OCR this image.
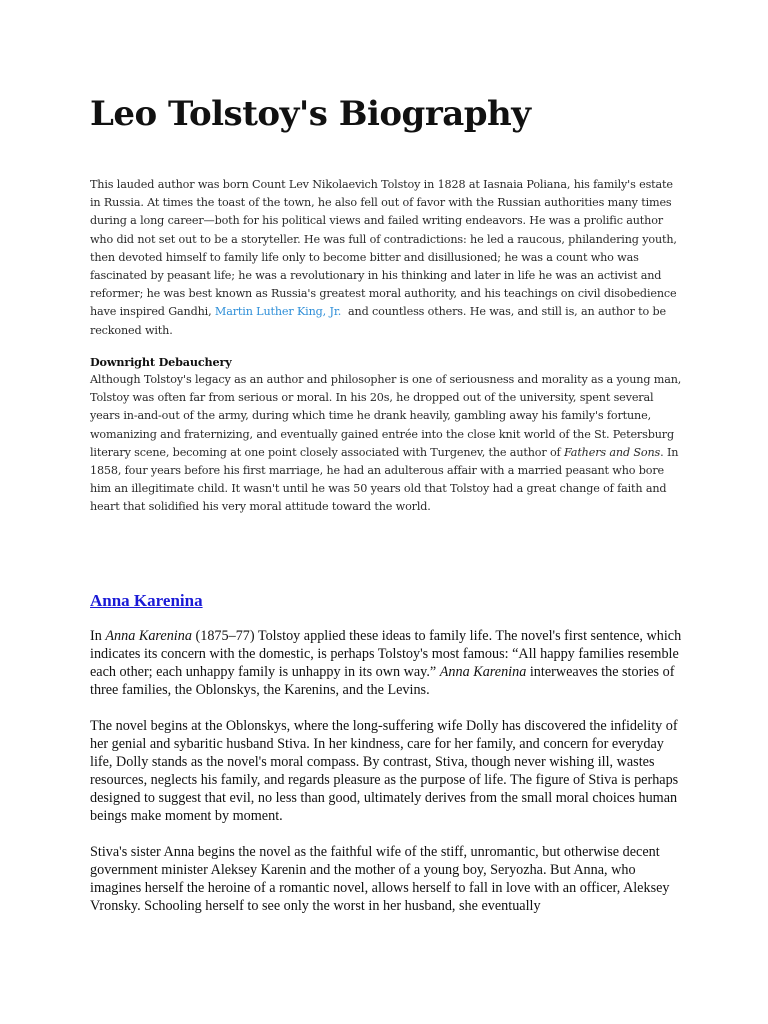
Leo Tolstoy's Biography

This lauded author was born Count Lev Nikolaevich Tolstoy in 1828 at Iasnaia Poliana, his family's estate in Russia. At times the toast of the town, he also fell out of favor with the Russian authorities many times during a long career—both for his political views and failed writing endeavors. He was a prolific author who did not set out to be a storyteller. He was full of contradictions: he led a raucous, philandering youth, then devoted himself to family life only to become bitter and disillusioned; he was a count who was fascinated by peasant life; he was a revolutionary in his thinking and later in life he was an activist and reformer; he was best known as Russia's greatest moral authority, and his teachings on civil disobedience have inspired Gandhi, Martin Luther King, Jr. and countless others. He was, and still is, an author to be reckoned with.

Downright Debauchery

Although Tolstoy's legacy as an author and philosopher is one of seriousness and morality as a young man, Tolstoy was often far from serious or moral. In his 20s, he dropped out of the university, spent several years in-and-out of the army, during which time he drank heavily, gambling away his family's fortune, womanizing and fraternizing, and eventually gained entrée into the close knit world of the St. Petersburg literary scene, becoming at one point closely associated with Turgenev, the author of Fathers and Sons. In 1858, four years before his first marriage, he had an adulterous affair with a married peasant who bore him an illegitimate child. It wasn't until he was 50 years old that Tolstoy had a great change of faith and heart that solidified his very moral attitude toward the world.

Anna Karenina

In Anna Karenina (1875–77) Tolstoy applied these ideas to family life. The novel's first sentence, which indicates its concern with the domestic, is perhaps Tolstoy's most famous: “All happy families resemble each other; each unhappy family is unhappy in its own way.” Anna Karenina interweaves the stories of three families, the Oblonskys, the Karenins, and the Levins.

The novel begins at the Oblonskys, where the long-suffering wife Dolly has discovered the infidelity of her genial and sybaritic husband Stiva. In her kindness, care for her family, and concern for everyday life, Dolly stands as the novel's moral compass. By contrast, Stiva, though never wishing ill, wastes resources, neglects his family, and regards pleasure as the purpose of life. The figure of Stiva is perhaps designed to suggest that evil, no less than good, ultimately derives from the small moral choices human beings make moment by moment.

Stiva's sister Anna begins the novel as the faithful wife of the stiff, unromantic, but otherwise decent government minister Aleksey Karenin and the mother of a young boy, Seryozha. But Anna, who imagines herself the heroine of a romantic novel, allows herself to fall in love with an officer, Aleksey Vronsky. Schooling herself to see only the worst in her husband, she eventually
